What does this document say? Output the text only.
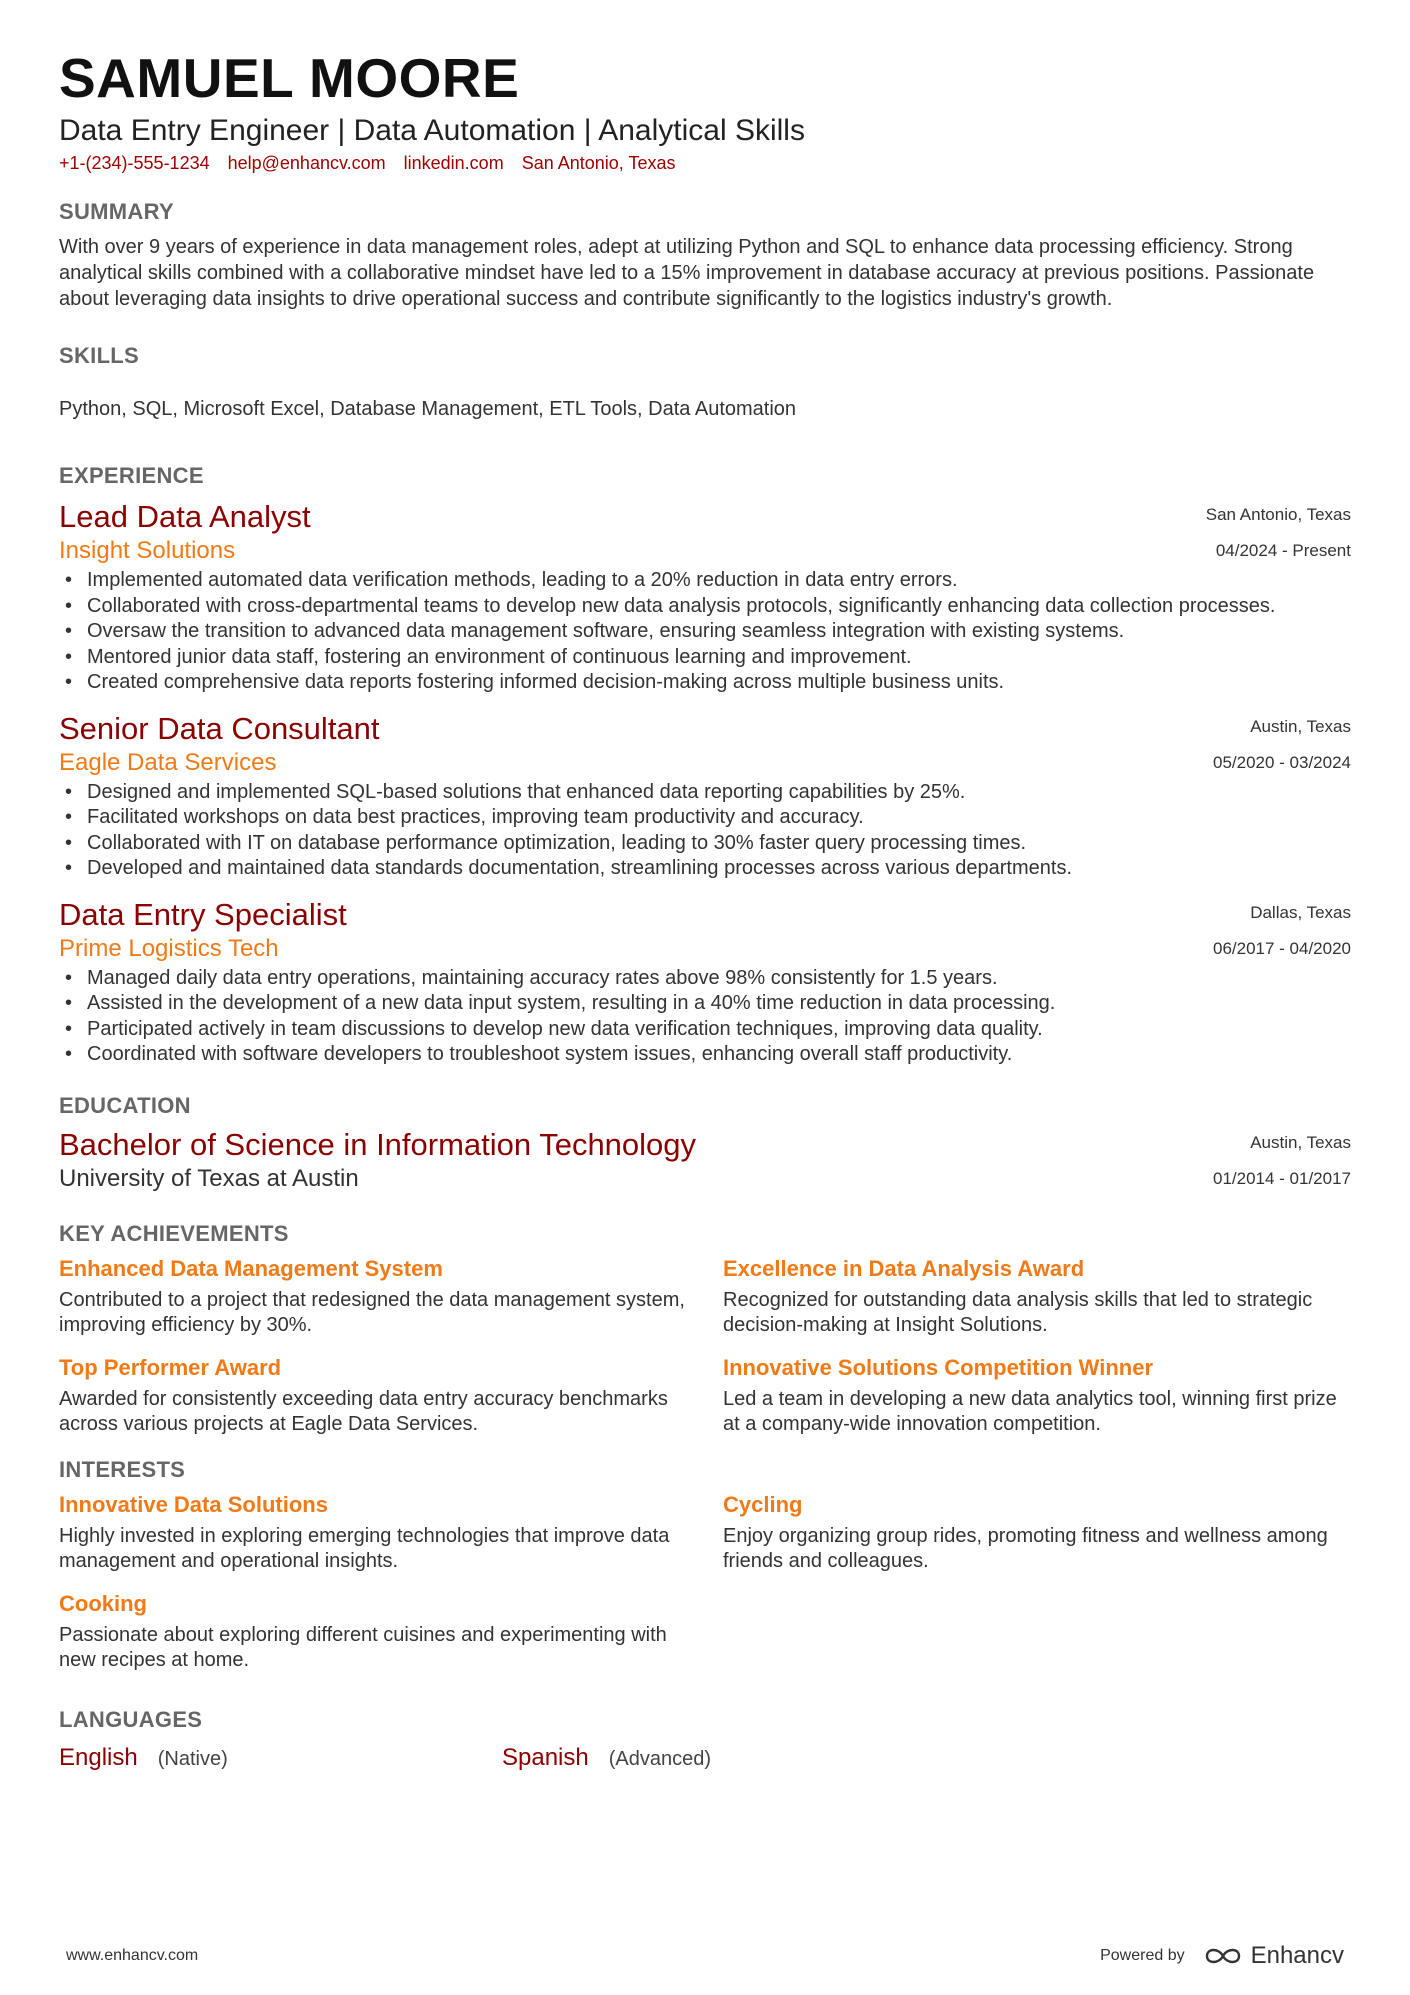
SAMUEL MOORE
Data Entry Engineer | Data Automation | Analytical Skills
+1-(234)-555-1234 help@enhancv.com linkedin.com San Antonio, Texas
SUMMARY
With over 9 years of experience in data management roles, adept at utilizing Python and SQL to enhance data processing efficiency. Strong analytical skills combined with a collaborative mindset have led to a 15% improvement in database accuracy at previous positions. Passionate about leveraging data insights to drive operational success and contribute significantly to the logistics industry's growth.
SKILLS
Python, SQL, Microsoft Excel, Database Management, ETL Tools, Data Automation
EXPERIENCE
Lead Data Analyst
Insight Solutions
San Antonio, Texas
04/2024 - Present
• Implemented automated data verification methods, leading to a 20% reduction in data entry errors.
• Collaborated with cross-departmental teams to develop new data analysis protocols, significantly enhancing data collection processes.
• Oversaw the transition to advanced data management software, ensuring seamless integration with existing systems.
• Mentored junior data staff, fostering an environment of continuous learning and improvement.
• Created comprehensive data reports fostering informed decision-making across multiple business units.
Senior Data Consultant
Eagle Data Services
Austin, Texas
05/2020 - 03/2024
• Designed and implemented SQL-based solutions that enhanced data reporting capabilities by 25%.
• Facilitated workshops on data best practices, improving team productivity and accuracy.
• Collaborated with IT on database performance optimization, leading to 30% faster query processing times.
• Developed and maintained data standards documentation, streamlining processes across various departments.
Data Entry Specialist
Prime Logistics Tech
Dallas, Texas
06/2017 - 04/2020
• Managed daily data entry operations, maintaining accuracy rates above 98% consistently for 1.5 years.
• Assisted in the development of a new data input system, resulting in a 40% time reduction in data processing.
• Participated actively in team discussions to develop new data verification techniques, improving data quality.
• Coordinated with software developers to troubleshoot system issues, enhancing overall staff productivity.
EDUCATION
Bachelor of Science in Information Technology
University of Texas at Austin
Austin, Texas
01/2014 - 01/2017
KEY ACHIEVEMENTS
Enhanced Data Management System
Contributed to a project that redesigned the data management system, improving efficiency by 30%.
Excellence in Data Analysis Award
Recognized for outstanding data analysis skills that led to strategic decision-making at Insight Solutions.
Top Performer Award
Awarded for consistently exceeding data entry accuracy benchmarks across various projects at Eagle Data Services.
Innovative Solutions Competition Winner
Led a team in developing a new data analytics tool, winning first prize at a company-wide innovation competition.
INTERESTS
Innovative Data Solutions
Highly invested in exploring emerging technologies that improve data management and operational insights.
Cycling
Enjoy organizing group rides, promoting fitness and wellness among friends and colleagues.
Cooking
Passionate about exploring different cuisines and experimenting with new recipes at home.
LANGUAGES
English (Native)	Spanish (Advanced)
www.enhancv.com	Powered by	Enhancv
